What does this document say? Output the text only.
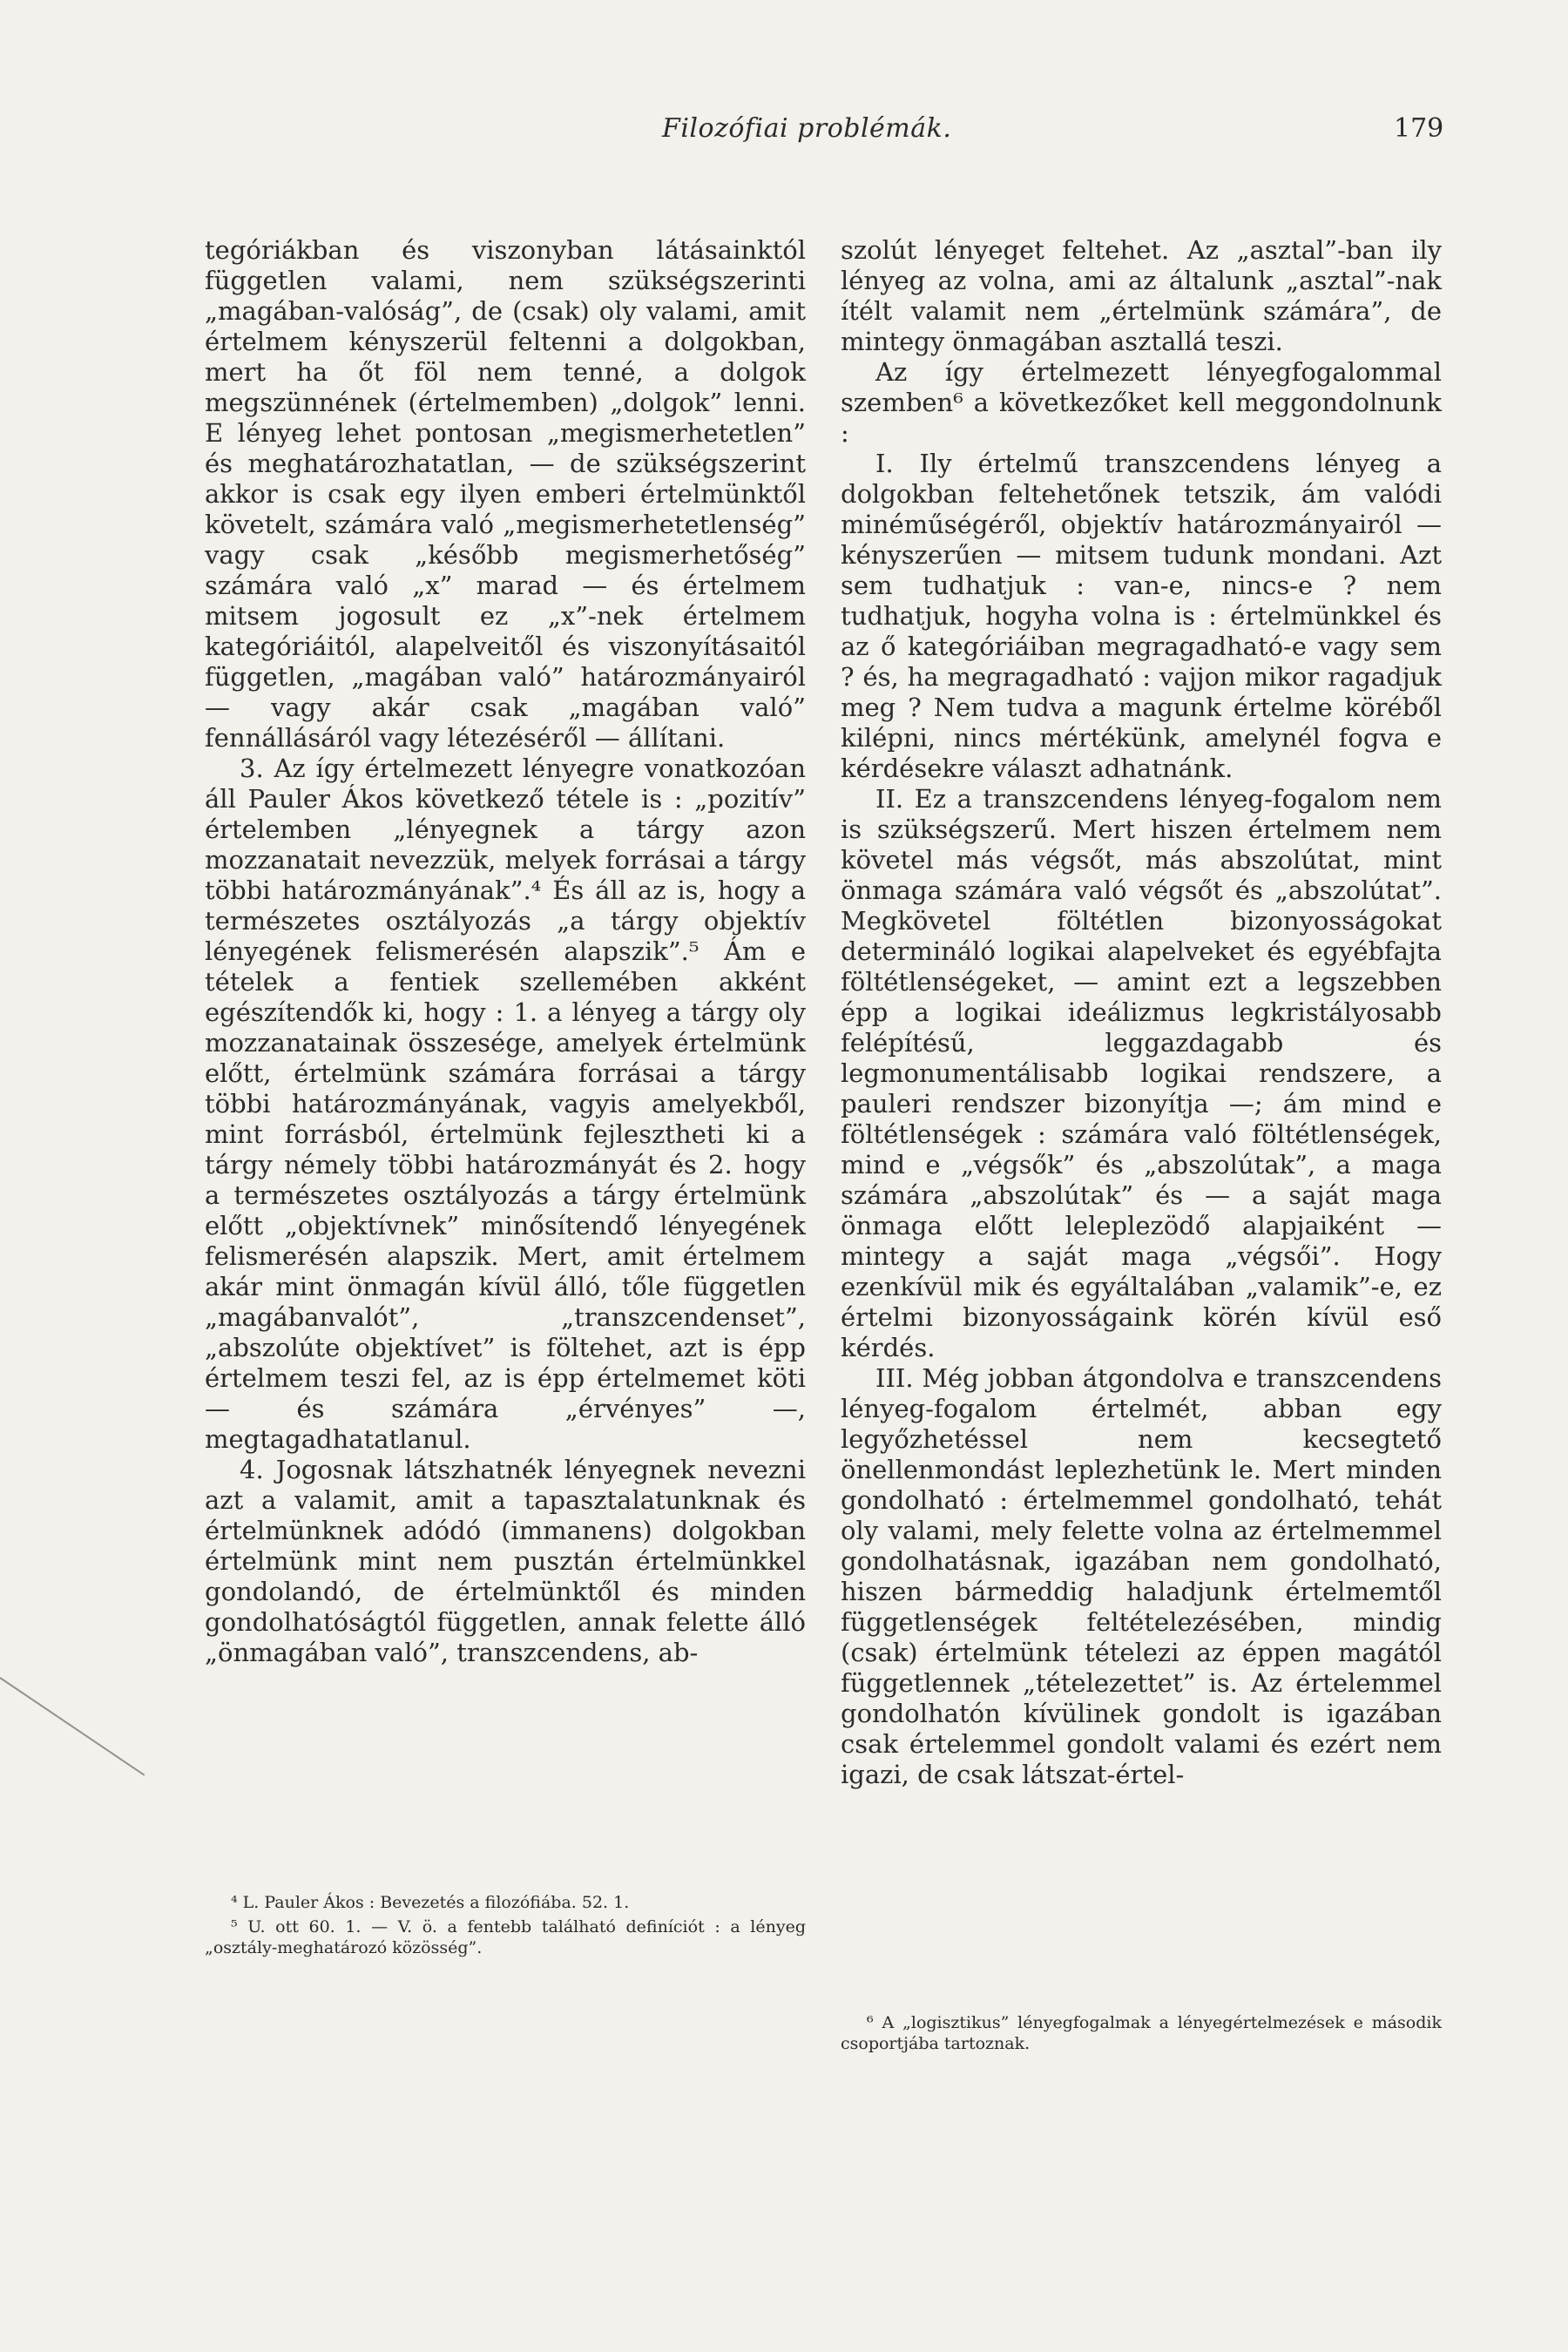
Filozófiai problémák.	179

tegóriákban és viszonyban látásainktól független valami, nem szükségszerinti „magában-valóság”, de (csak) oly valami, amit értelmem kényszerül feltenni a dolgokban, mert ha őt föl nem tenné, a dolgok megszünnének (értelmemben) „dolgok” lenni. E lényeg lehet pontosan „megismerhetetlen” és meghatározhatatlan, — de szükségszerint akkor is csak egy ilyen emberi értelmünktől követelt, számára való „megismerhetetlenség” vagy csak „később megismerhetőség” számára való „x” marad — és értelmem mitsem jogosult ez „x”-nek értelmem kategóriáitól, alapelveitől és viszonyításaitól független, „magában való” határozmányairól — vagy akár csak „magában való” fennállásáról vagy létezéséről — állítani.

3. Az így értelmezett lényegre vonatkozóan áll Pauler Ákos következő tétele is : „pozitív” értelemben „lényegnek a tárgy azon mozzanatait nevezzük, melyek forrásai a tárgy többi határozmányának”.⁴ És áll az is, hogy a természetes osztályozás „a tárgy objektív lényegének felismerésén alapszik”.⁵ Ám e tételek a fentiek szellemében akként egészítendők ki, hogy : 1. a lényeg a tárgy oly mozzanatainak összesége, amelyek értelmünk előtt, értelmünk számára forrásai a tárgy többi határozmányának, vagyis amelyekből, mint forrásból, értelmünk fejlesztheti ki a tárgy némely többi határozmányát és 2. hogy a természetes osztályozás a tárgy értelmünk előtt „objektívnek” minősítendő lényegének felismerésén alapszik. Mert, amit értelmem akár mint önmagán kívül álló, tőle független „magábanvalót”, „transzcendenset”, „abszolúte objektívet” is föltehet, azt is épp értelmem teszi fel, az is épp értelmemet köti — és számára „érvényes” —, megtagadhatatlanul.

4. Jogosnak látszhatnék lényegnek nevezni azt a valamit, amit a tapasztalatunknak és értelmünknek adódó (immanens) dolgokban értelmünk mint nem pusztán értelmünkkel gondolandó, de értelmünktől és minden gondolhatóságtól független, annak felette álló „önmagában való”, transzcendens, ab-

szolút lényeget feltehet. Az „asztal”-ban ily lényeg az volna, ami az általunk „asztal”-nak ítélt valamit nem „értelmünk számára”, de mintegy önmagában asztallá teszi.

Az így értelmezett lényegfogalommal szemben⁶ a következőket kell meggondolnunk :

I. Ily értelmű transzcendens lényeg a dolgokban feltehetőnek tetszik, ám valódi minéműségéről, objektív határozmányairól — kényszerűen — mitsem tudunk mondani. Azt sem tudhatjuk : van-e, nincs-e ? nem tudhatjuk, hogyha volna is : értelmünkkel és az ő kategóriáiban megragadható-e vagy sem ? és, ha megragadható : vajjon mikor ragadjuk meg ? Nem tudva a magunk értelme köréből kilépni, nincs mértékünk, amelynél fogva e kérdésekre választ adhatnánk.

II. Ez a transzcendens lényeg-fogalom nem is szükségszerű. Mert hiszen értelmem nem követel más végsőt, más abszolútat, mint önmaga számára való végsőt és „abszolútat”. Megkövetel föltétlen bizonyosságokat determináló logikai alapelveket és egyébfajta föltétlenségeket, — amint ezt a legszebben épp a logikai ideálizmus legkristályosabb felépítésű, leggazdagabb és legmonumentálisabb logikai rendszere, a pauleri rendszer bizonyítja —; ám mind e föltétlenségek : számára való föltétlenségek, mind e „végsők” és „abszolútak”, a maga számára „abszolútak” és — a saját maga önmaga előtt leleplezödő alapjaiként — mintegy a saját maga „végsői”. Hogy ezenkívül mik és egyáltalában „valamik”-e, ez értelmi bizonyosságaink körén kívül eső kérdés.

III. Még jobban átgondolva e transzcendens lényeg-fogalom értelmét, abban egy legyőzhetéssel nem kecsegtető önellenmondást leplezhetünk le. Mert minden gondolható : értelmemmel gondolható, tehát oly valami, mely felette volna az értelmemmel gondolhatásnak, igazában nem gondolható, hiszen bármeddig haladjunk értelmemtől függetlenségek feltételezésében, mindig (csak) értelmünk tételezi az éppen magától függetlennek „tételezettet” is. Az értelemmel gondolhatón kívülinek gondolt is igazában csak értelemmel gondolt valami és ezért nem igazi, de csak látszat-értel-

⁴ L. Pauler Ákos : Bevezetés a filozófiába. 52. 1.

⁵ U. ott 60. 1. — V. ö. a fentebb található definíciót : a lényeg „osztály-meghatározó közösség”.

⁶ A „logisztikus” lényegfogalmak a lényegértelmezések e második csoportjába tartoznak.
